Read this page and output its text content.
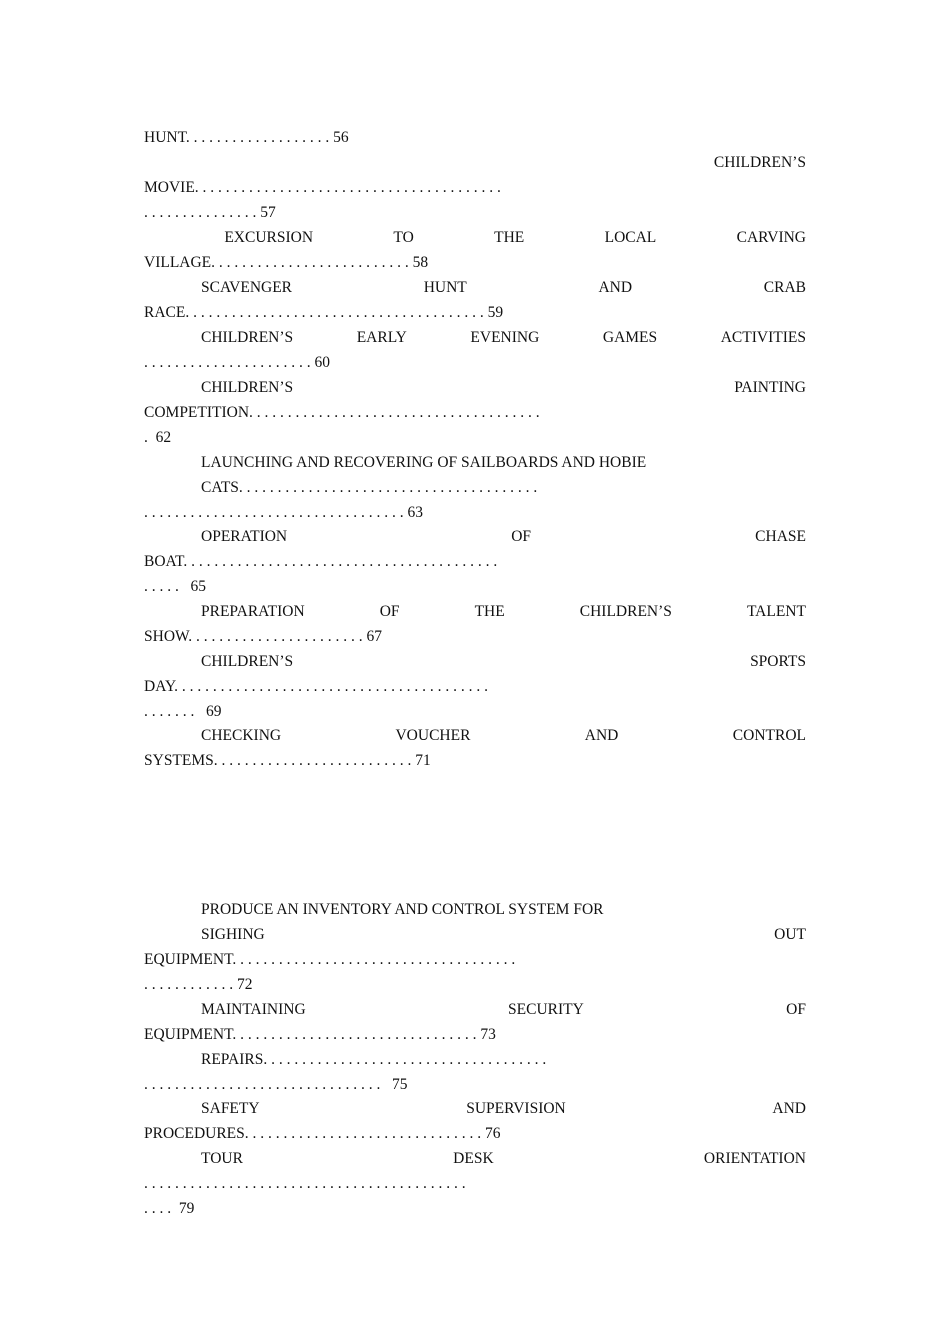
HUNT. . . . . . . . . . . . . . . . . . . 56
CHILDREN’S
MOVIE. . . . . . . . . . . . . . . . . . . . . . . . . . . . . . . . . . . . . . . .
. . . . . . . . . . . . . . . 57
EXCURSION	TO	THE	LOCAL	CARVING
VILLAGE. . . . . . . . . . . . . . . . . . . . . . . . . . 58
SCAVENGER	HUNT	AND	CRAB
RACE. . . . . . . . . . . . . . . . . . . . . . . . . . . . . . . . . . . . . . . 59
CHILDREN’S	EARLY	EVENING	GAMES	ACTIVITIES
. . . . . . . . . . . . . . . . . . . . . . 60
CHILDREN’S	PAINTING
COMPETITION. . . . . . . . . . . . . . . . . . . . . . . . . . . . . . . . . . . . . .
.  62
LAUNCHING AND RECOVERING OF SAILBOARDS AND HOBIE
CATS. . . . . . . . . . . . . . . . . . . . . . . . . . . . . . . . . . . . . . .
. . . . . . . . . . . . . . . . . . . . . . . . . . . . . . . . . . 63
OPERATION	OF	CHASE
BOAT. . . . . . . . . . . . . . . . . . . . . . . . . . . . . . . . . . . . . . . . .
. . . . .   65
PREPARATION	OF	THE	CHILDREN’S	TALENT
SHOW. . . . . . . . . . . . . . . . . . . . . . . 67
CHILDREN’S	SPORTS
DAY. . . . . . . . . . . . . . . . . . . . . . . . . . . . . . . . . . . . . . . . .
. . . . . . .   69
CHECKING	VOUCHER	AND	CONTROL
SYSTEMS. . . . . . . . . . . . . . . . . . . . . . . . . . 71
PRODUCE AN INVENTORY AND CONTROL SYSTEM FOR
SIGHING	OUT
EQUIPMENT. . . . . . . . . . . . . . . . . . . . . . . . . . . . . . . . . . . . .
. . . . . . . . . . . . 72
MAINTAINING	SECURITY	OF
EQUIPMENT. . . . . . . . . . . . . . . . . . . . . . . . . . . . . . . . 73
REPAIRS. . . . . . . . . . . . . . . . . . . . . . . . . . . . . . . . . . . . .
. . . . . . . . . . . . . . . . . . . . . . . . . . . . . . .   75
SAFETY	SUPERVISION	AND
PROCEDURES. . . . . . . . . . . . . . . . . . . . . . . . . . . . . . . 76
TOUR	DESK	ORIENTATION
. . . . . . . . . . . . . . . . . . . . . . . . . . . . . . . . . . . . . . . . . .
. . . .  79
